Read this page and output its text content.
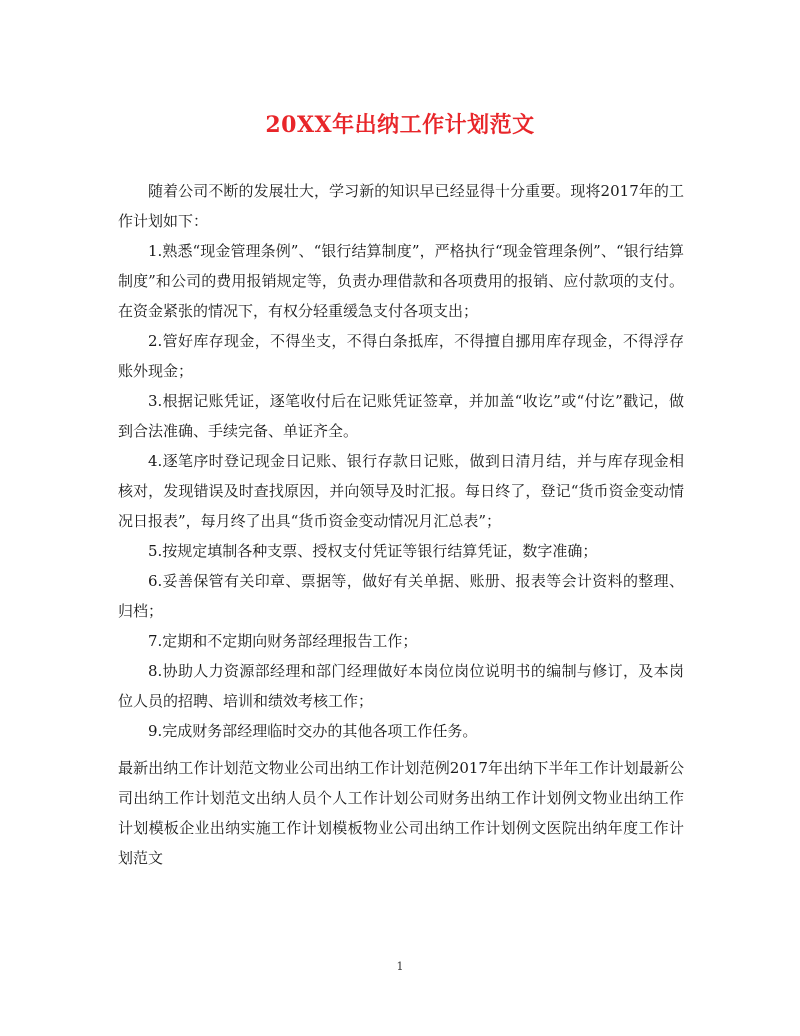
20XX年出纳工作计划范文

随着公司不断的发展壮大，学习新的知识早已经显得十分重要。现将2017年的工作计划如下：

1.熟悉“现金管理条例”、“银行结算制度”，严格执行“现金管理条例”、“银行结算制度”和公司的费用报销规定等，负责办理借款和各项费用的报销、应付款项的支付。在资金紧张的情况下，有权分轻重缓急支付各项支出；

2.管好库存现金，不得坐支，不得白条抵库，不得擅自挪用库存现金，不得浮存账外现金；

3.根据记账凭证，逐笔收付后在记账凭证签章，并加盖“收讫”或“付讫”戳记，做到合法准确、手续完备、单证齐全。

4.逐笔序时登记现金日记账、银行存款日记账，做到日清月结，并与库存现金相核对，发现错误及时查找原因，并向领导及时汇报。每日终了，登记“货币资金变动情况日报表”，每月终了出具“货币资金变动情况月汇总表”；

5.按规定填制各种支票、授权支付凭证等银行结算凭证，数字准确；

6.妥善保管有关印章、票据等，做好有关单据、账册、报表等会计资料的整理、归档；

7.定期和不定期向财务部经理报告工作；

8.协助人力资源部经理和部门经理做好本岗位岗位说明书的编制与修订，及本岗位人员的招聘、培训和绩效考核工作；

9.完成财务部经理临时交办的其他各项工作任务。

最新出纳工作计划范文物业公司出纳工作计划范例2017年出纳下半年工作计划最新公司出纳工作计划范文出纳人员个人工作计划公司财务出纳工作计划例文物业出纳工作计划模板企业出纳实施工作计划模板物业公司出纳工作计划例文医院出纳年度工作计划范文

1
